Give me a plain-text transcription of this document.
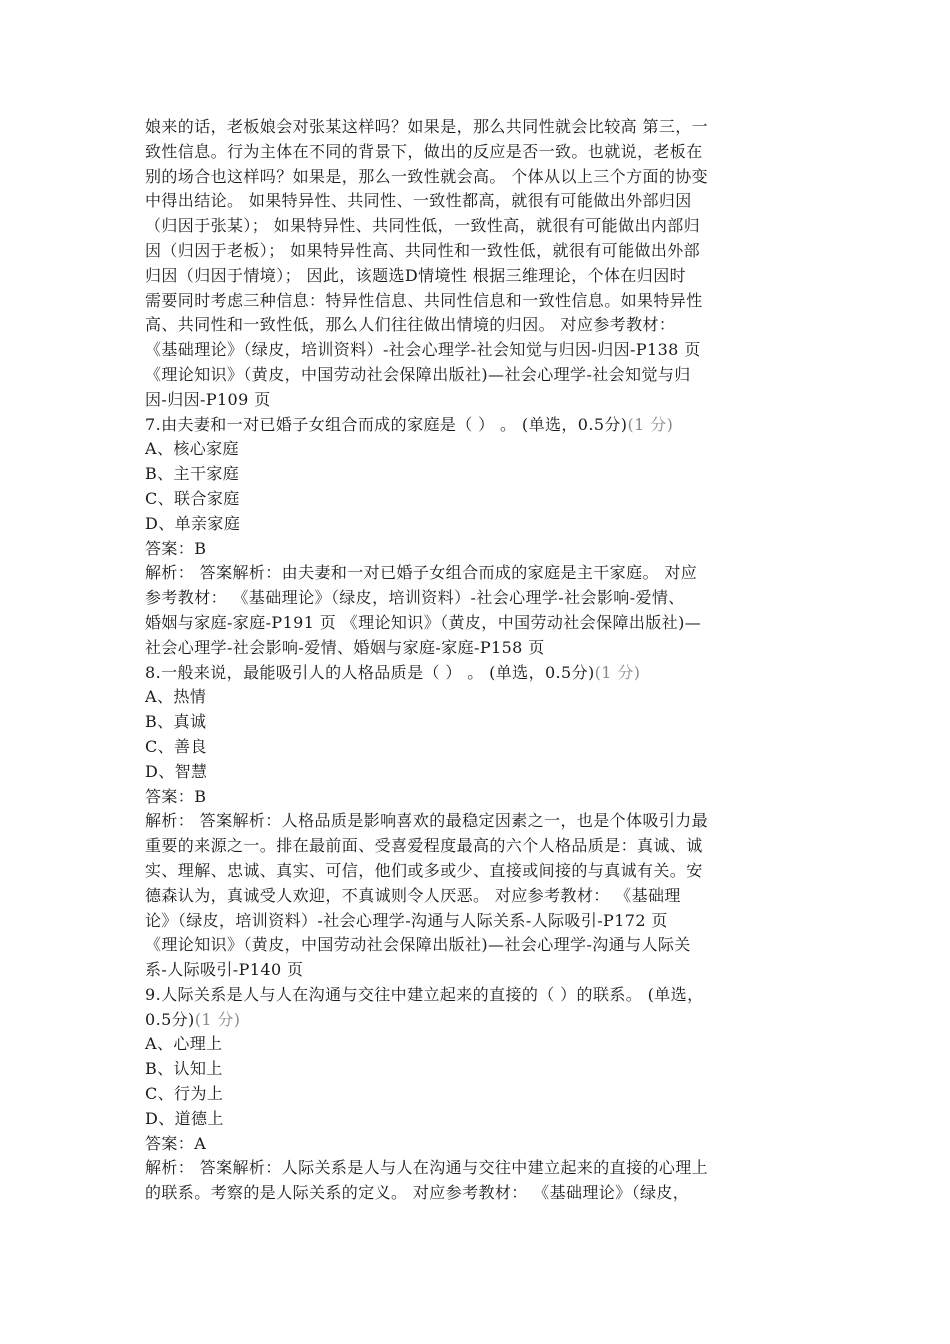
娘来的话，老板娘会对张某这样吗？如果是，那么共同性就会比较高 第三，一
致性信息。行为主体在不同的背景下，做出的反应是否一致。也就说，老板在
别的场合也这样吗？如果是，那么一致性就会高。 个体从以上三个方面的协变
中得出结论。 如果特异性、共同性、一致性都高，就很有可能做出外部归因
（归因于张某）； 如果特异性、共同性低，一致性高，就很有可能做出内部归
因（归因于老板）； 如果特异性高、共同性和一致性低，就很有可能做出外部
归因（归因于情境）； 因此，该题选D情境性 根据三维理论，个体在归因时
需要同时考虑三种信息：特异性信息、共同性信息和一致性信息。如果特异性
高、共同性和一致性低，那么人们往往做出情境的归因。 对应参考教材：
《基础理论》（绿皮，培训资料）-社会心理学-社会知觉与归因-归因-P138 页
《理论知识》（黄皮，中国劳动社会保障出版社)—社会心理学-社会知觉与归
因-归因-P109 页
7.由夫妻和一对已婚子女组合而成的家庭是（ ） 。 (单选，0.5分)(1 分)
A、核心家庭
B、主干家庭
C、联合家庭
D、单亲家庭
答案：B
解析： 答案解析：由夫妻和一对已婚子女组合而成的家庭是主干家庭。 对应
参考教材： 《基础理论》（绿皮，培训资料）-社会心理学-社会影响-爱情、
婚姻与家庭-家庭-P191 页 《理论知识》（黄皮，中国劳动社会保障出版社)—
社会心理学-社会影响-爱情、婚姻与家庭-家庭-P158 页
8.一般来说，最能吸引人的人格品质是（ ） 。 (单选，0.5分)(1 分)
A、热情
B、真诚
C、善良
D、智慧
答案：B
解析： 答案解析：人格品质是影响喜欢的最稳定因素之一，也是个体吸引力最
重要的来源之一。排在最前面、受喜爱程度最高的六个人格品质是：真诚、诚
实、理解、忠诚、真实、可信，他们或多或少、直接或间接的与真诚有关。安
德森认为，真诚受人欢迎，不真诚则令人厌恶。 对应参考教材： 《基础理
论》（绿皮，培训资料）-社会心理学-沟通与人际关系-人际吸引-P172 页
《理论知识》（黄皮，中国劳动社会保障出版社)—社会心理学-沟通与人际关
系-人际吸引-P140 页
9.人际关系是人与人在沟通与交往中建立起来的直接的（ ）的联系。 (单选，
0.5分)(1 分)
A、心理上
B、认知上
C、行为上
D、道德上
答案：A
解析： 答案解析：人际关系是人与人在沟通与交往中建立起来的直接的心理上
的联系。考察的是人际关系的定义。 对应参考教材： 《基础理论》（绿皮，
